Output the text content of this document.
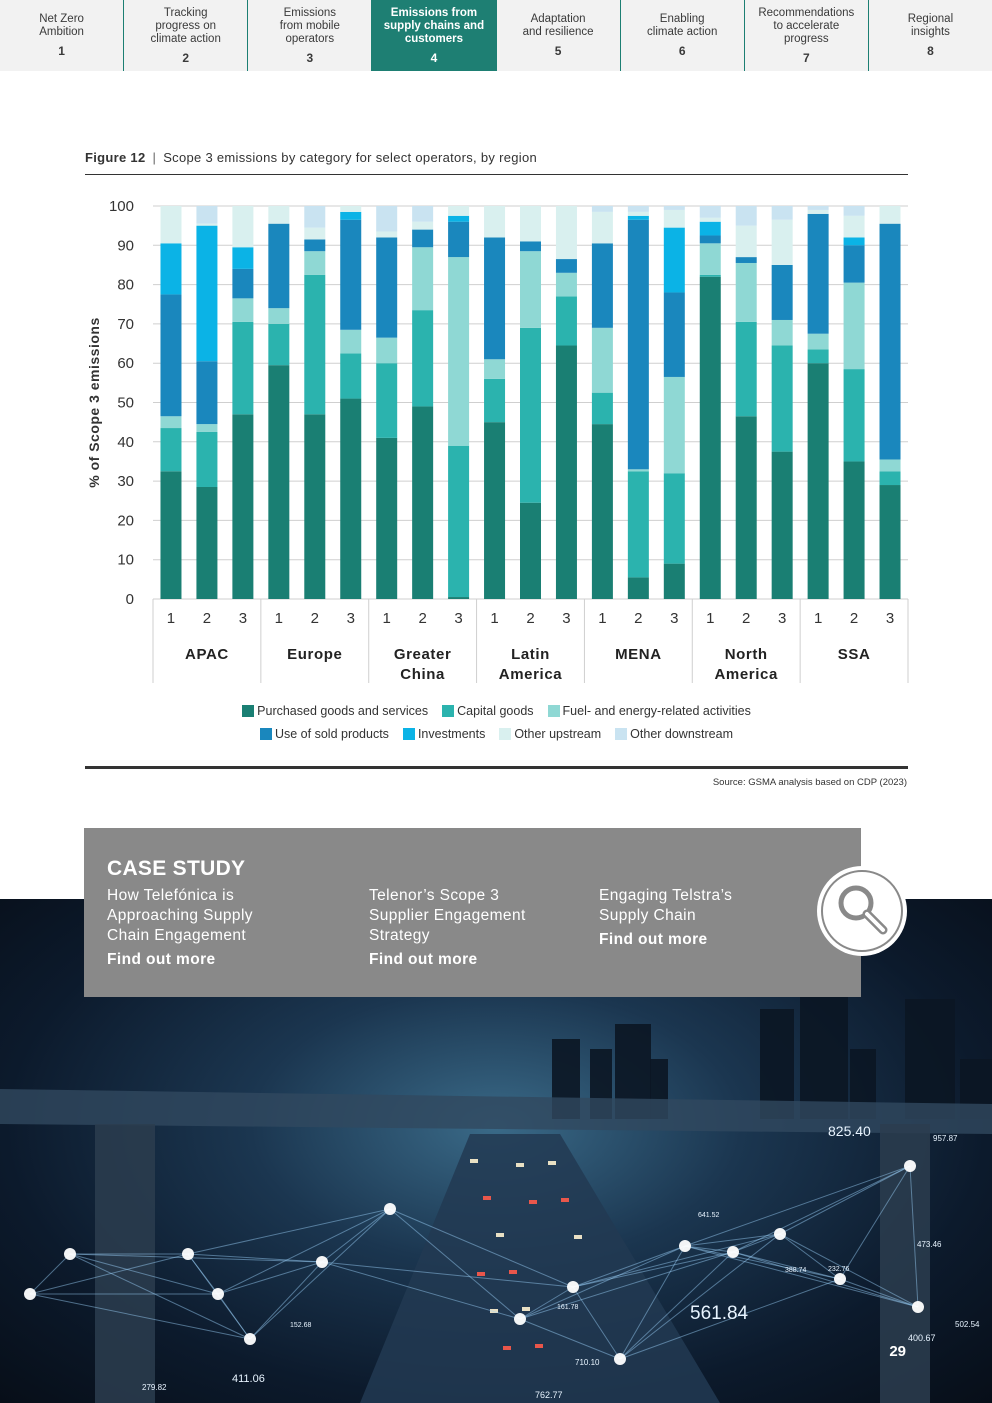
Net Zero
Ambition
1
Tracking
progress on
climate action
2
Emissions
from mobile
operators
3
Emissions from
supply chains and
customers
4
Adaptation
and resilience
5
Enabling
climate action
6
Recommendations
to accelerate
progress
7
Regional
insights
8
Figure 12 | Scope 3 emissions by category for select operators, by region
0
10
20
30
40
50
60
70
80
90
100
% of Scope 3 emissions
1 2 3 1 2 3 1 2 3 1 2 3 1 2 3 1 2 3 1 2 3
APAC	Europe	Greater
China
Latin
America
MENA	North
America
SSA
Purchased goods and services Capital goods Fuel- and energy-related activities
Use of sold products Investments Other upstream Other downstream
Source: GSMA analysis based on CDP (2023)
825.40	957.87
473.46
561.84
502.54
400.67
710.10
411.06
279.82
762.77
641.52
232.76
152.68
161.78
388.74
29
CASE STUDY
How Telefónica is
Approaching Supply
Chain Engagement
Find out more
Telenor’s Scope 3
Supplier Engagement
Strategy
Find out more
Engaging Telstra’s
Supply Chain
Find out more
